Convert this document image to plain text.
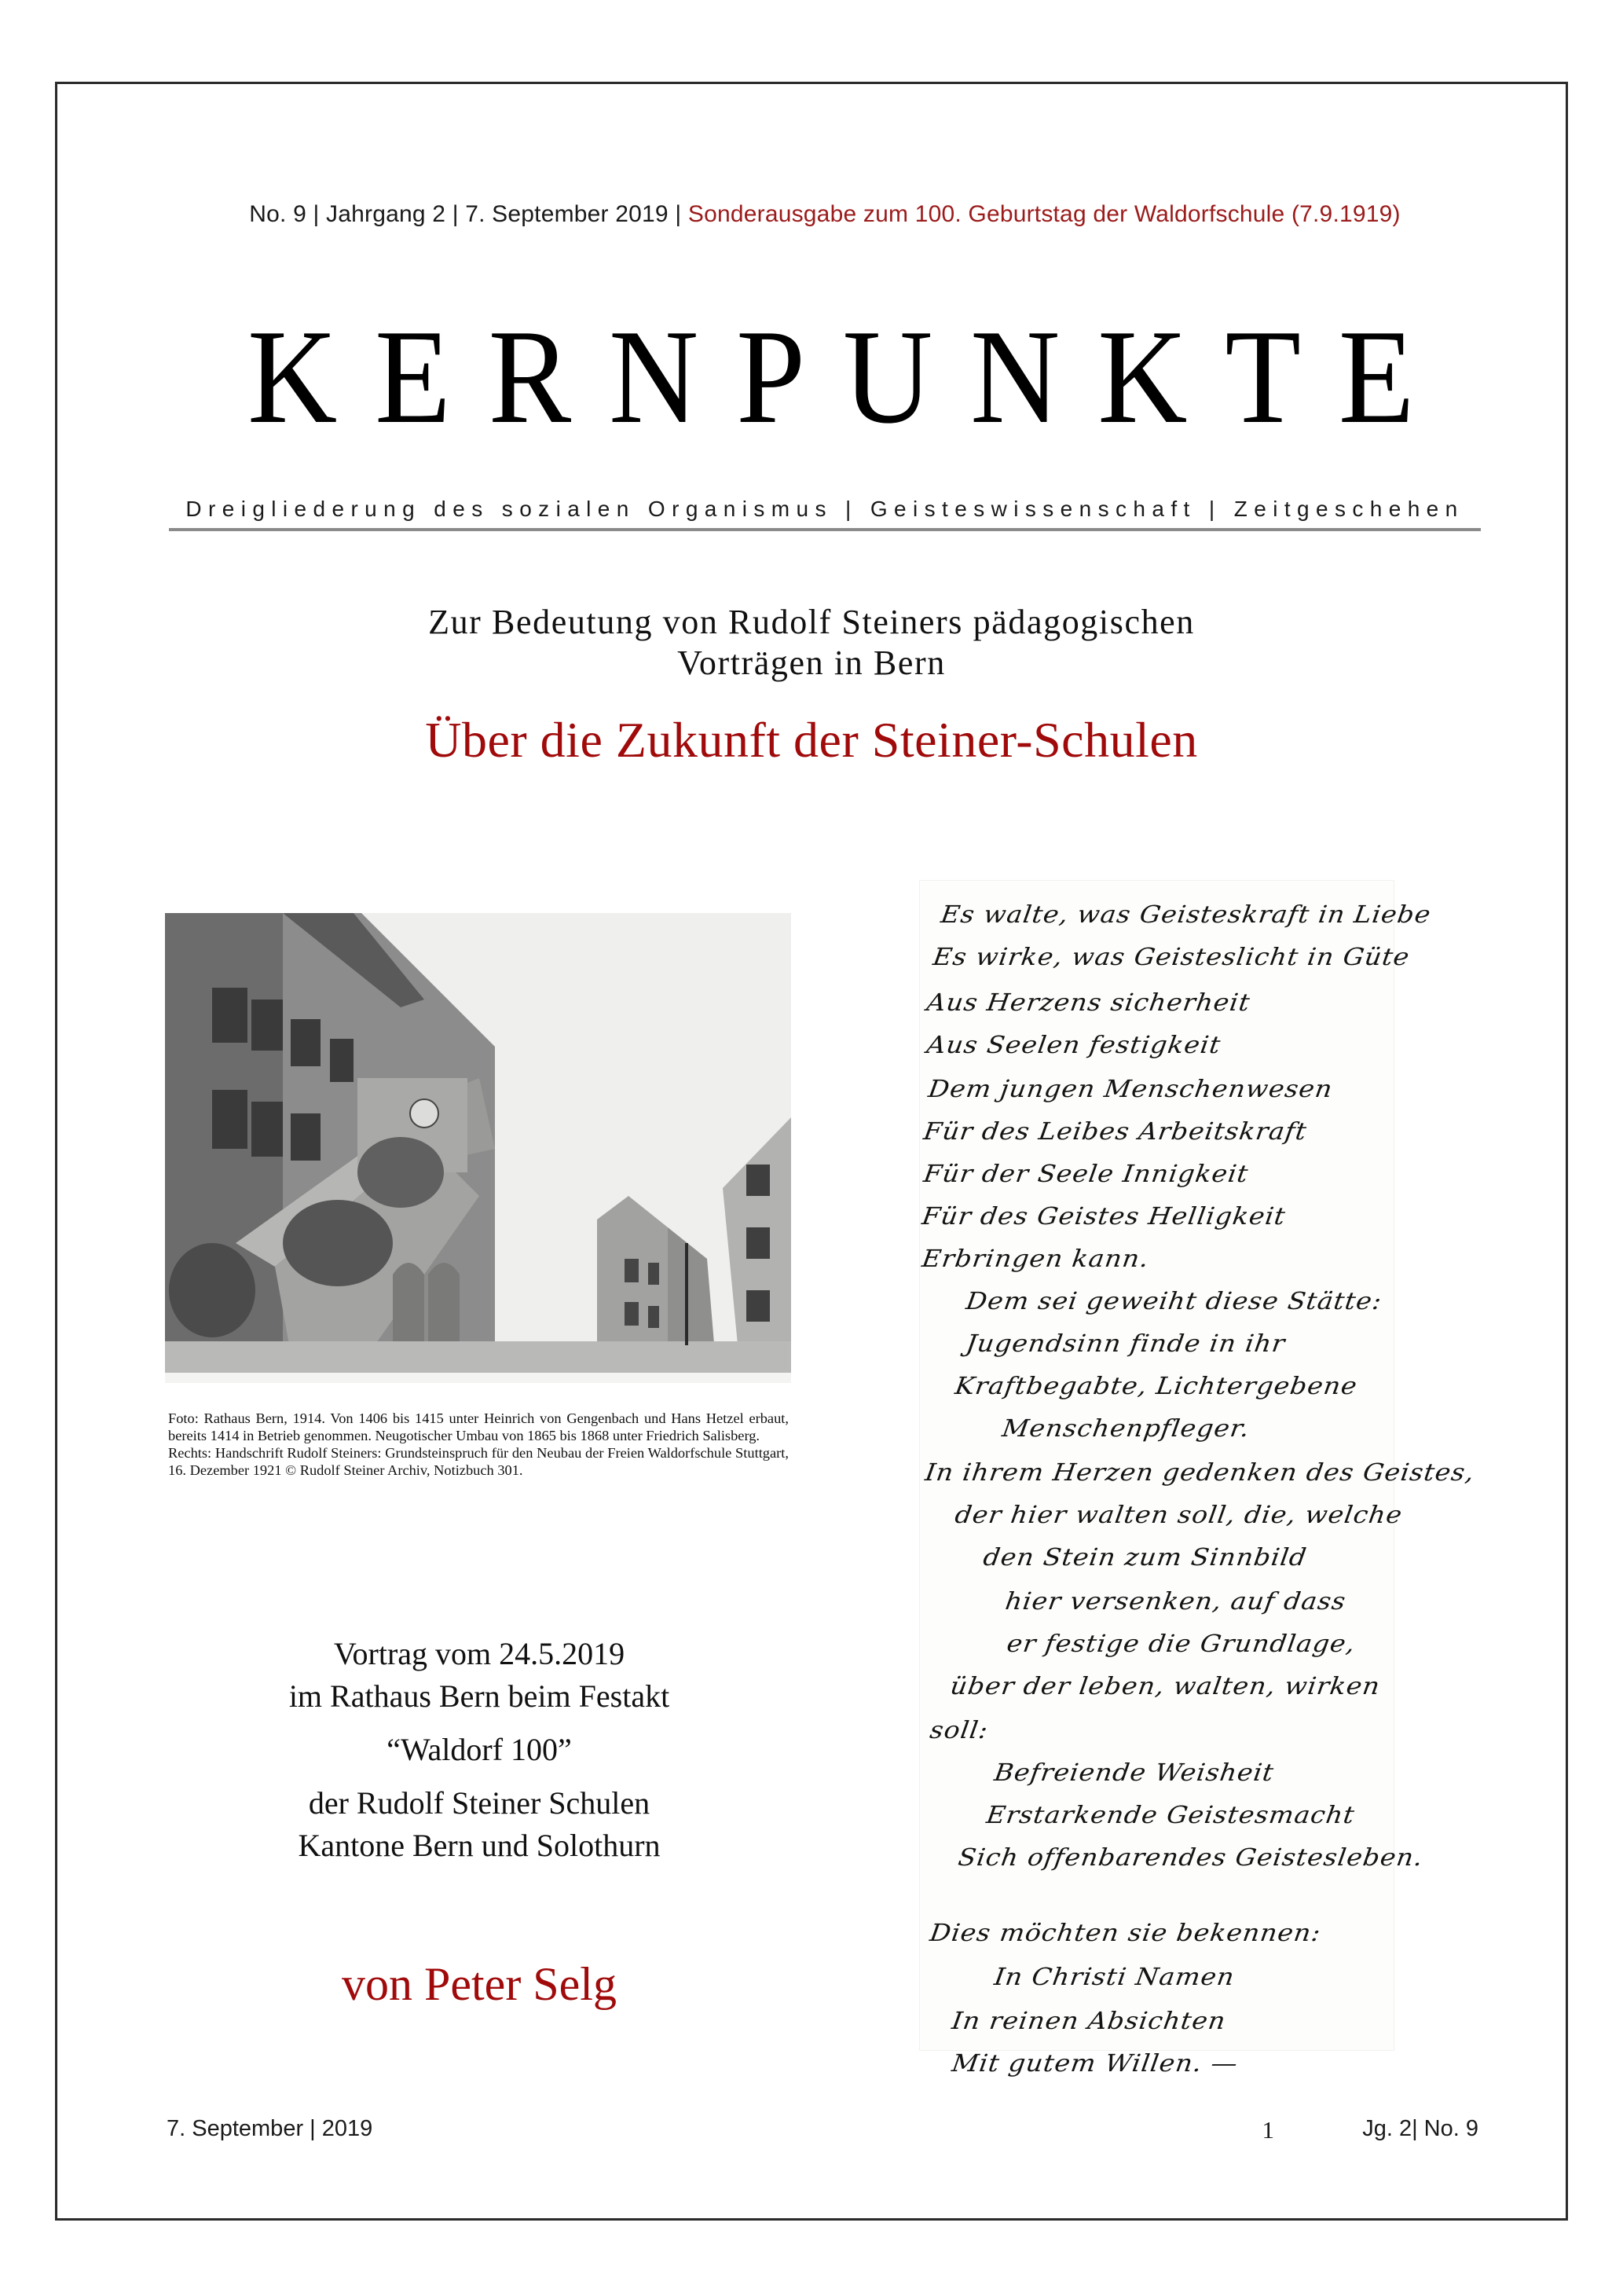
No. 9 | Jahrgang 2 | 7. September 2019 | Sonderausgabe zum 100. Geburtstag der Waldorfschule (7.9.1919)
KERNPUNKTE
Dreigliederung des sozialen Organismus | Geisteswissenschaft | Zeitgeschehen
Zur Bedeutung von Rudolf Steiners pädagogischen
Vorträgen in Bern
Über die Zukunft der Steiner-Schulen

Foto: Rathaus Bern, 1914. Von 1406 bis 1415 unter Heinrich von Gengenbach und Hans Hetzel erbaut, bereits 1414 in Betrieb genommen. Neugotischer Umbau von 1865 bis 1868 unter Friedrich Salisberg.

Rechts: Handschrift Rudolf Steiners: Grundsteinspruch für den Neubau der Freien Waldorfschule Stuttgart, 16. Dezember 1921 © Rudolf Steiner Archiv, Notizbuch 301.

Es walte, was Geisteskraft in Liebe
Es wirke, was Geisteslicht in Güte
Aus Herzens sicherheit
Aus Seelen festigkeit
Dem jungen Menschenwesen
Für des Leibes Arbeitskraft
Für der Seele Innigkeit
Für des Geistes Helligkeit
Erbringen kann.
Dem sei geweiht diese Stätte:
Jugendsinn finde in ihr
Kraftbegabte, Lichtergebene
Menschenpfleger.
In ihrem Herzen gedenken des Geistes,
der hier walten soll, die, welche
den Stein zum Sinnbild
hier versenken, auf dass
er festige die Grundlage,
über der leben, walten, wirken
soll:
Befreiende Weisheit
Erstarkende Geistesmacht
Sich offenbarendes Geistesleben.
Dies möchten sie bekennen:
In Christi Namen
In reinen Absichten
Mit gutem Willen. —
Vortrag vom 24.5.2019
im Rathaus Bern beim Festakt
“Waldorf 100”
der Rudolf Steiner Schulen
Kantone Bern und Solothurn
von Peter Selg
7. September | 2019	1	Jg. 2| No. 9
